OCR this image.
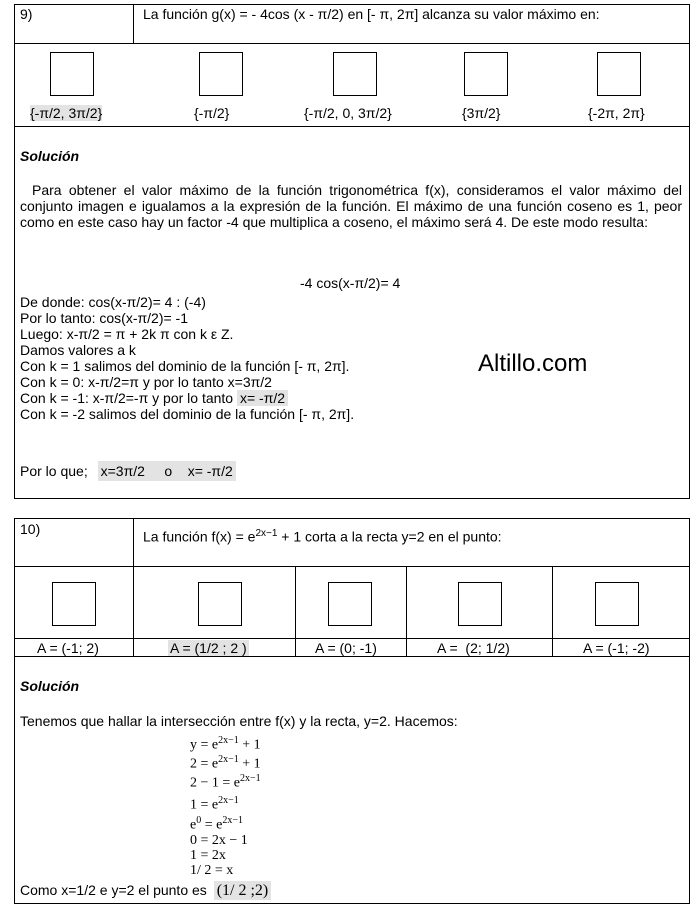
9)	La función g(x) = - 4cos (x - π/2) en [- π, 2π] alcanza su valor máximo en:
{-π/2, 3π/2}	{-π/2}	{-π/2, 0, 3π/2}	{3π/2}	{-2π, 2π}
Solución
Para obtener el valor máximo de la función trigonométrica f(x), consideramos el valor máximo del conjunto imagen e igualamos a la expresión de la función. El máximo de una función coseno es 1, peor como en este caso hay un factor -4 que multiplica a coseno, el máximo será 4. De este modo resulta:
-4 cos(x-π/2)= 4
De donde: cos(x-π/2)= 4 : (-4)
Por lo tanto: cos(x-π/2)= -1
Luego: x-π/2 = π + 2k π con k ε Z.
Damos valores a k
Con k = 1 salimos del dominio de la función [- π, 2π].
Con k = 0: x-π/2=π y por lo tanto x=3π/2
Con k = -1: x-π/2=-π y por lo tanto x= -π/2
Con k = -2 salimos del dominio de la función [- π, 2π].
Altillo.com
Por lo que; x=3π/2     o    x= -π/2
10)	La función $f(x) = e^{2x-1} + 1$ corta a la recta y=2 en el punto:
A = (-1; 2)	A = (1/2 ; 2 )	A = (0; -1)	A =  (2; 1/2)	A = (-1; -2)
Solución
Tenemos que hallar la intersección entre f(x) y la recta, y=2. Hacemos:
$y = e^{2x-1} + 1$
$2 = e^{2x-1} + 1$
$2 - 1 = e^{2x-1}$
$1 = e^{2x-1}$
$e^0 = e^{2x-1}$
0 = 2x − 1
1 = 2x
1/ 2 = x
Como x=1/2 e y=2 el punto es (1/ 2 ;2)
